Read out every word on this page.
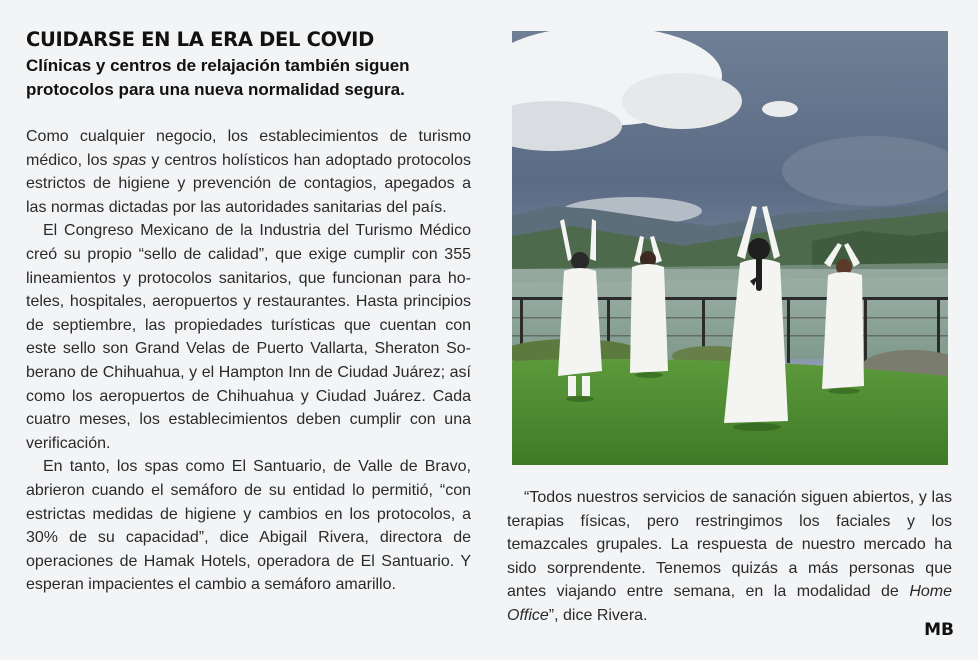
CUIDARSE EN LA ERA DEL COVID
Clínicas y centros de relajación también siguen protocolos para una nueva normalidad segura.

Como cualquier negocio, los establecimientos de turismo médico, los spas y centros holísticos han adoptado protocolos estrictos de higiene y prevención de contagios, apegados a las normas dictadas por las autoridades sanitarias del país.

El Congreso Mexicano de la Industria del Turismo Médico creó su propio “sello de calidad”, que exige cumplir con 355 lineamientos y protocolos sanitarios, que funcionan para hoteles, hospitales, aeropuertos y restaurantes. Hasta principios de septiembre, las propiedades turísticas que cuentan con este sello son Grand Velas de Puerto Vallarta, Sheraton Soberano de Chihuahua, y el Hampton Inn de Ciudad Juárez; así como los aeropuertos de Chihuahua y Ciudad Juárez. Cada cuatro meses, los establecimientos deben cumplir con una verificación.

En tanto, los spas como El Santuario, de Valle de Bravo, abrieron cuando el semáforo de su entidad lo permitió, “con estrictas medidas de higiene y cambios en los protocolos, a 30% de su capacidad”, dice Abigail Rivera, directora de operaciones de Hamak Hotels, operadora de El Santuario. Y esperan impacientes el cambio a semáforo amarillo.

“Todos nuestros servicios de sanación siguen abiertos, y las terapias físicas, pero restringimos los faciales y los temazcales grupales. La respuesta de nuestro mercado ha sido sorprendente. Tenemos quizás a más personas que antes viajando entre semana, en la modalidad de Home Office”, dice Rivera.

MB
